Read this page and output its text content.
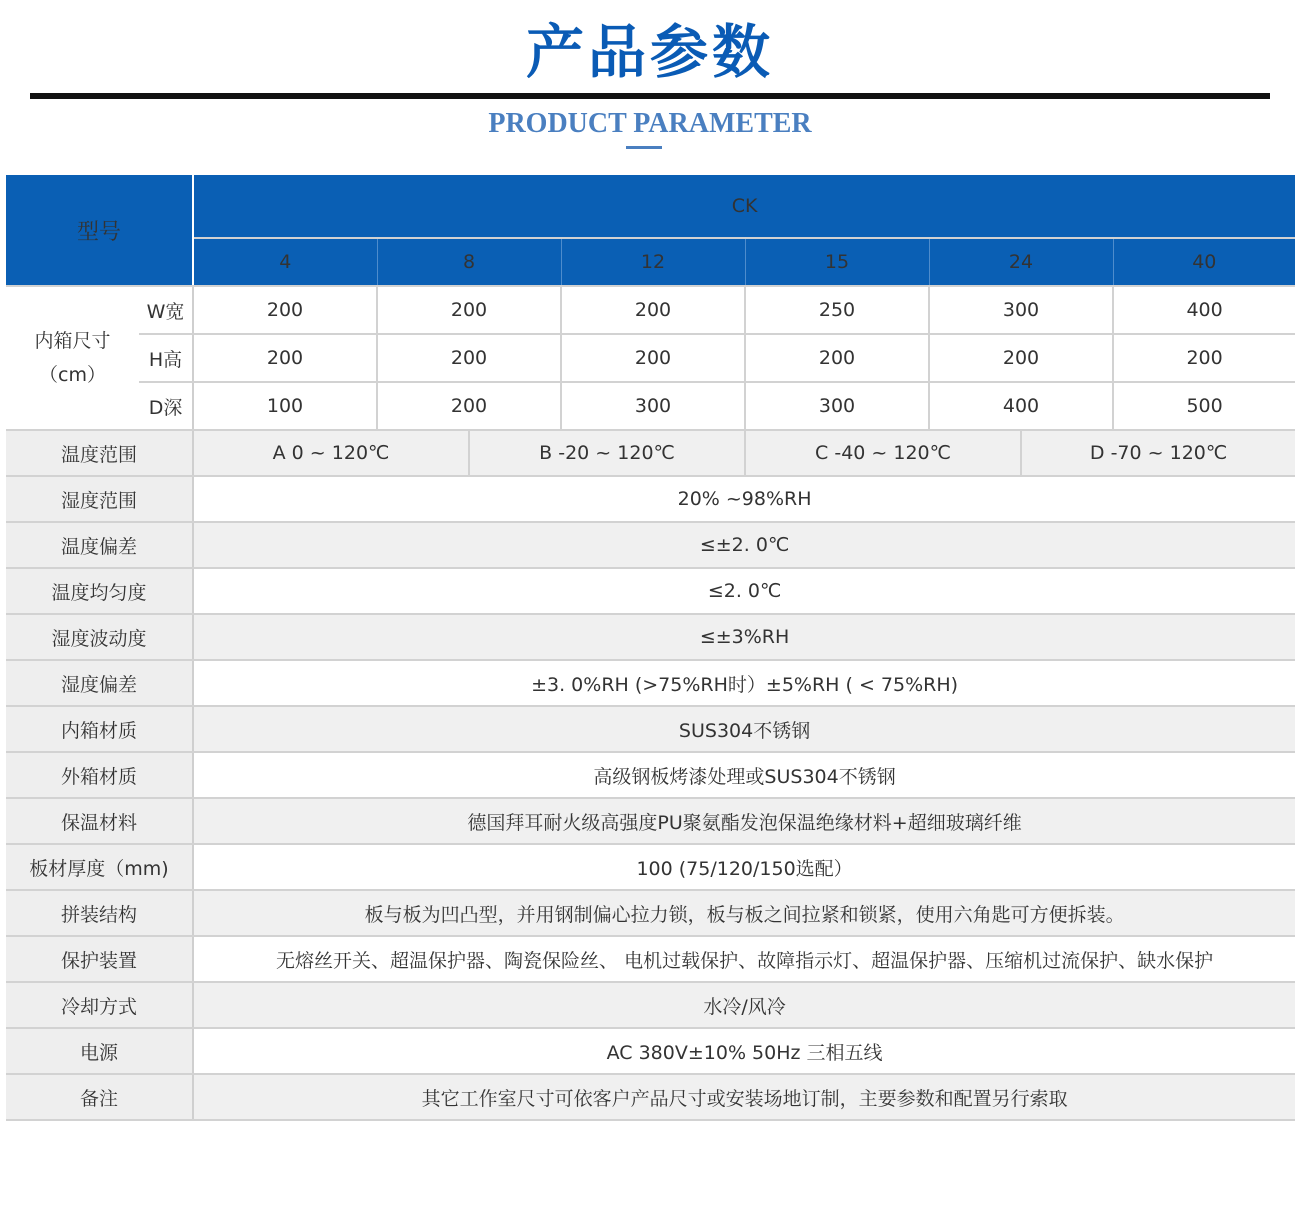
产品参数
PRODUCT PARAMETER
型号		CK							
		4	8		12	15	24		40

内箱尺寸
（cm）	W宽	200	200		200	250	300		400
	H高	200	200		200	200	200		200
	D深	100	200		300	300	400		500
温度范围		A 0 ~ 120℃		B -20 ~ 120℃		C -40 ~ 120℃		D -70 ~ 120℃	
湿度范围		20% ~98%RH							
温度偏差		≤±2. 0℃							
温度均匀度		≤2. 0℃							
湿度波动度		≤±3%RH							
湿度偏差		±3. 0%RH (>75%RH时）±5%RH ( < 75%RH)							
内箱材质		SUS304不锈钢							
外箱材质		高级钢板烤漆处理或SUS304不锈钢							
保温材料		德国拜耳耐火级高强度PU聚氨酯发泡保温绝缘材料+超细玻璃纤维							
板材厚度（mm)		100 (75/120/150选配）							
拼装结构		板与板为凹凸型，并用钢制偏心拉力锁，板与板之间拉紧和锁紧，使用六角匙可方便拆装。							
保护装置		无熔丝开关、超温保护器、陶瓷保险丝、 电机过载保护、故障指示灯、超温保护器、压缩机过流保护、缺水保护							
冷却方式		水冷/风冷							
电源		AC 380V±10% 50Hz 三相五线							
备注		其它工作室尺寸可依客户产品尺寸或安装场地订制，主要参数和配置另行索取							
